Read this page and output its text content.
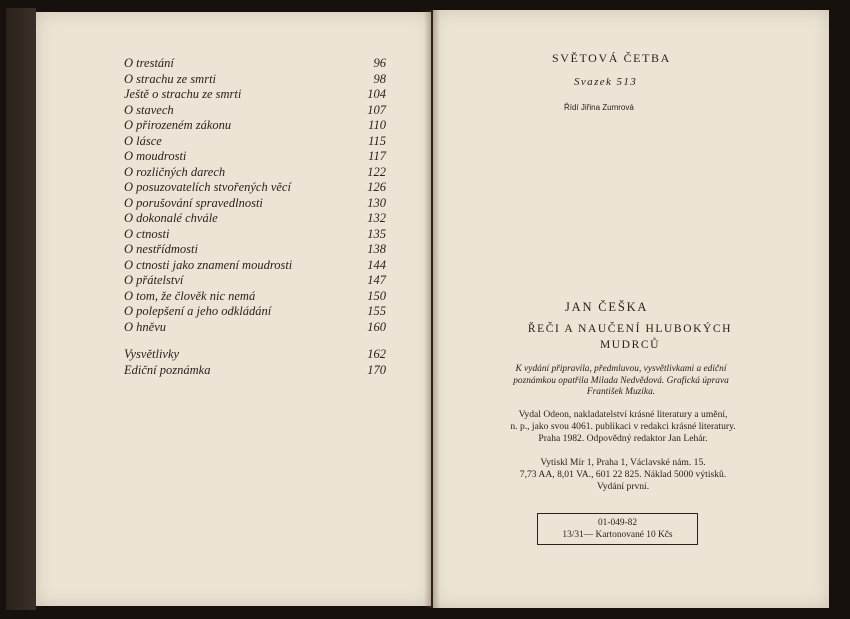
O trestání	96
O strachu ze smrti	98
Ještě o strachu ze smrti	104
O stavech	107
O přirozeném zákonu	110
O lásce	115
O moudrosti	117
O rozličných darech	122
O posuzovatelích stvořených věcí	126
O porušování spravedlnosti	130
O dokonalé chvále	132
O ctnosti	135
O nestřídmosti	138
O ctnosti jako znamení moudrosti	144
O přátelství	147
O tom, že člověk nic nemá	150
O polepšení a jeho odkládání	155
O hněvu	160
Vysvětlivky	162
Ediční poznámka	170
SVĚTOVÁ ČETBA
Svazek 513
Řídí Jiřina Zumrová
JAN ČEŠKA
ŘEČI A NAUČENÍ HLUBOKÝCH
MUDRCŮ
K vydání připravila, předmluvou, vysvětlivkami a ediční
poznámkou opatřila Milada Nedvědová. Grafická úprava
František Muzika.
Vydal Odeon, nakladatelství krásné literatury a umění,
n. p., jako svou 4061. publikaci v redakci krásné literatury.
Praha 1982. Odpovědný redaktor Jan Lehár.
Vytiskl Mír 1, Praha 1, Václavské nám. 15.
7,73 AA, 8,01 VA., 601 22 825. Náklad 5000 výtisků.
Vydání první.
01-049-82
13/31— Kartonované 10 Kčs
